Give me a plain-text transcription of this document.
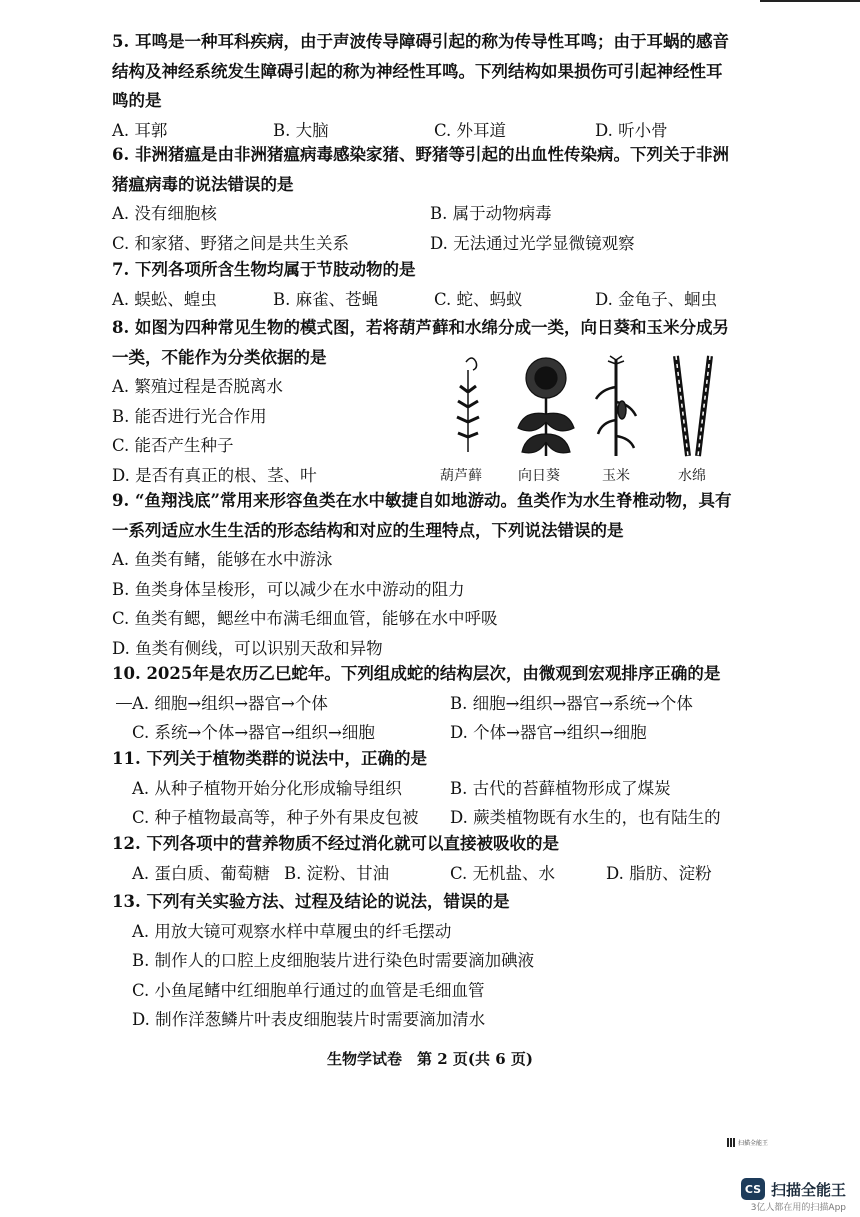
5. 耳鸣是一种耳科疾病，由于声波传导障碍引起的称为传导性耳鸣；由于耳蜗的感音结构及神经系统发生障碍引起的称为神经性耳鸣。下列结构如果损伤可引起神经性耳鸣的是
A. 耳郭	B. 大脑	C. 外耳道	D. 听小骨
6. 非洲猪瘟是由非洲猪瘟病毒感染家猪、野猪等引起的出血性传染病。下列关于非洲猪瘟病毒的说法错误的是
A. 没有细胞核	B. 属于动物病毒
C. 和家猪、野猪之间是共生关系	D. 无法通过光学显微镜观察
7. 下列各项所含生物均属于节肢动物的是
A. 蜈蚣、蝗虫	B. 麻雀、苍蝇	C. 蛇、蚂蚁	D. 金龟子、蛔虫
8. 如图为四种常见生物的模式图，若将葫芦藓和水绵分成一类，向日葵和玉米分成另一类，不能作为分类依据的是
A. 繁殖过程是否脱离水
B. 能否进行光合作用
C. 能否产生种子
D. 是否有真正的根、茎、叶	葫芦藓	向日葵	玉米	水绵
9. “鱼翔浅底”常用来形容鱼类在水中敏捷自如地游动。鱼类作为水生脊椎动物，具有一系列适应水生生活的形态结构和对应的生理特点，下列说法错误的是
A. 鱼类有鳍，能够在水中游泳
B. 鱼类身体呈梭形，可以减少在水中游动的阻力
C. 鱼类有鳃，鳃丝中布满毛细血管，能够在水中呼吸
D. 鱼类有侧线，可以识别天敌和异物
10. 2025年是农历乙巳蛇年。下列组成蛇的结构层次，由微观到宏观排序正确的是
A. 细胞→组织→器官→个体	B. 细胞→组织→器官→系统→个体
C. 系统→个体→器官→组织→细胞	D. 个体→器官→组织→细胞
11. 下列关于植物类群的说法中，正确的是
A. 从种子植物开始分化形成输导组织	B. 古代的苔藓植物形成了煤炭
C. 种子植物最高等，种子外有果皮包被	D. 蕨类植物既有水生的，也有陆生的
12. 下列各项中的营养物质不经过消化就可以直接被吸收的是
A. 蛋白质、葡萄糖 B. 淀粉、甘油	C. 无机盐、水	D. 脂肪、淀粉
13. 下列有关实验方法、过程及结论的说法，错误的是
A. 用放大镜可观察水样中草履虫的纤毛摆动
B. 制作人的口腔上皮细胞装片进行染色时需要滴加碘液
C. 小鱼尾鳍中红细胞单行通过的血管是毛细血管
D. 制作洋葱鳞片叶表皮细胞装片时需要滴加清水
生物学试卷　第 2 页(共 6 页)
扫描全能王
CS 扫描全能王
3亿人都在用的扫描App
